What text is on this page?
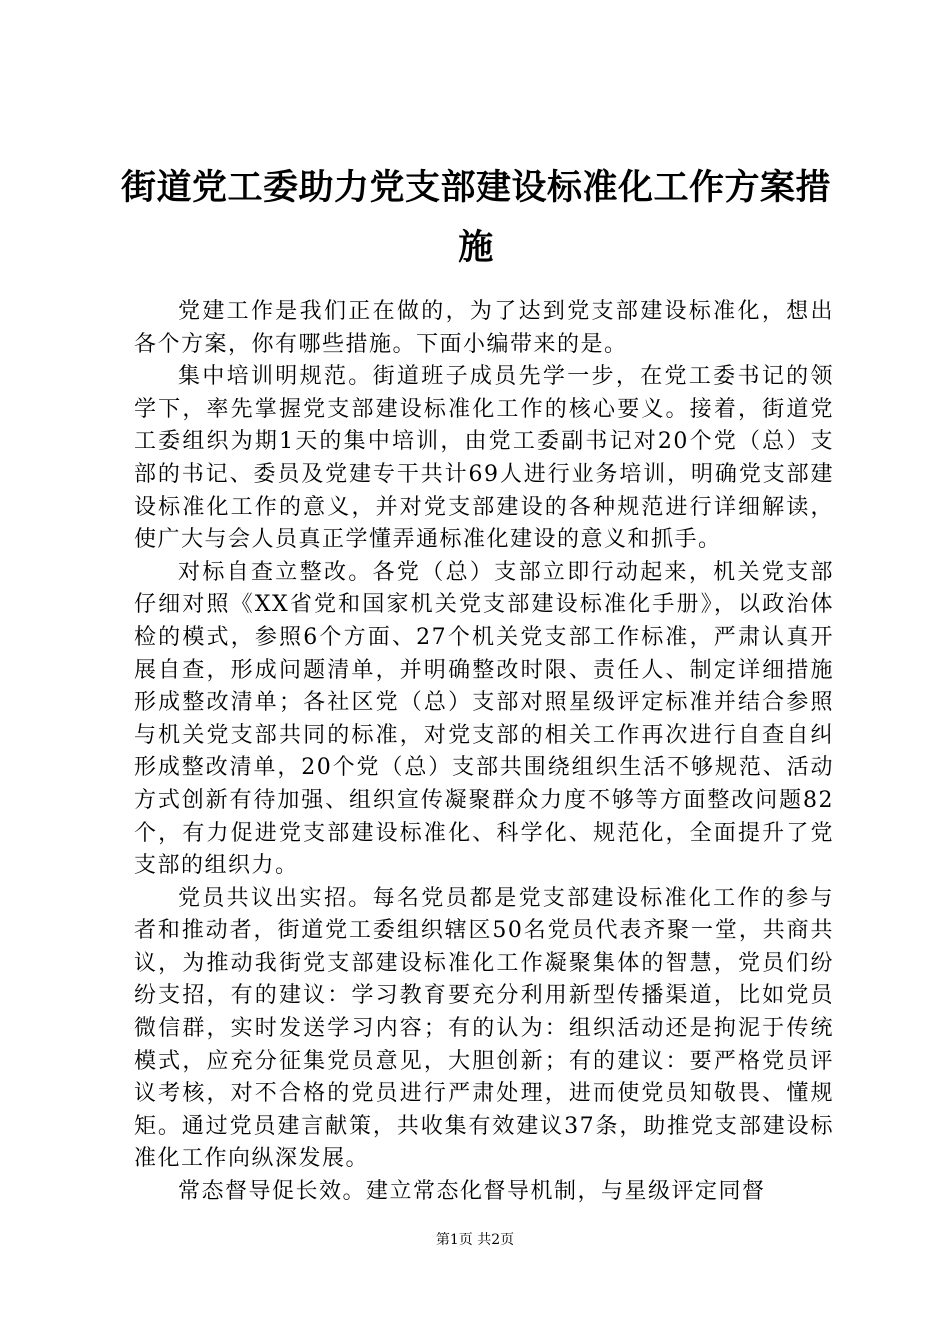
街道党工委助力党支部建设标准化工作方案措施

党建工作是我们正在做的，为了达到党支部建设标准化，想出各个方案，你有哪些措施。下面小编带来的是。

集中培训明规范。街道班子成员先学一步，在党工委书记的领学下，率先掌握党支部建设标准化工作的核心要义。接着，街道党工委组织为期1天的集中培训，由党工委副书记对20个党（总）支部的书记、委员及党建专干共计69人进行业务培训，明确党支部建设标准化工作的意义，并对党支部建设的各种规范进行详细解读，使广大与会人员真正学懂弄通标准化建设的意义和抓手。

对标自查立整改。各党（总）支部立即行动起来，机关党支部仔细对照《XX省党和国家机关党支部建设标准化手册》，以政治体检的模式，参照6个方面、27个机关党支部工作标准，严肃认真开展自查，形成问题清单，并明确整改时限、责任人、制定详细措施形成整改清单；各社区党（总）支部对照星级评定标准并结合参照与机关党支部共同的标准，对党支部的相关工作再次进行自查自纠形成整改清单，20个党（总）支部共围绕组织生活不够规范、活动方式创新有待加强、组织宣传凝聚群众力度不够等方面整改问题82个，有力促进党支部建设标准化、科学化、规范化，全面提升了党支部的组织力。

党员共议出实招。每名党员都是党支部建设标准化工作的参与者和推动者，街道党工委组织辖区50名党员代表齐聚一堂，共商共议，为推动我街党支部建设标准化工作凝聚集体的智慧，党员们纷纷支招，有的建议：学习教育要充分利用新型传播渠道，比如党员微信群，实时发送学习内容；有的认为：组织活动还是拘泥于传统模式，应充分征集党员意见，大胆创新；有的建议：要严格党员评议考核，对不合格的党员进行严肃处理，进而使党员知敬畏、懂规矩。通过党员建言献策，共收集有效建议37条，助推党支部建设标准化工作向纵深发展。

常态督导促长效。建立常态化督导机制，与星级评定同督

第1页 共2页
